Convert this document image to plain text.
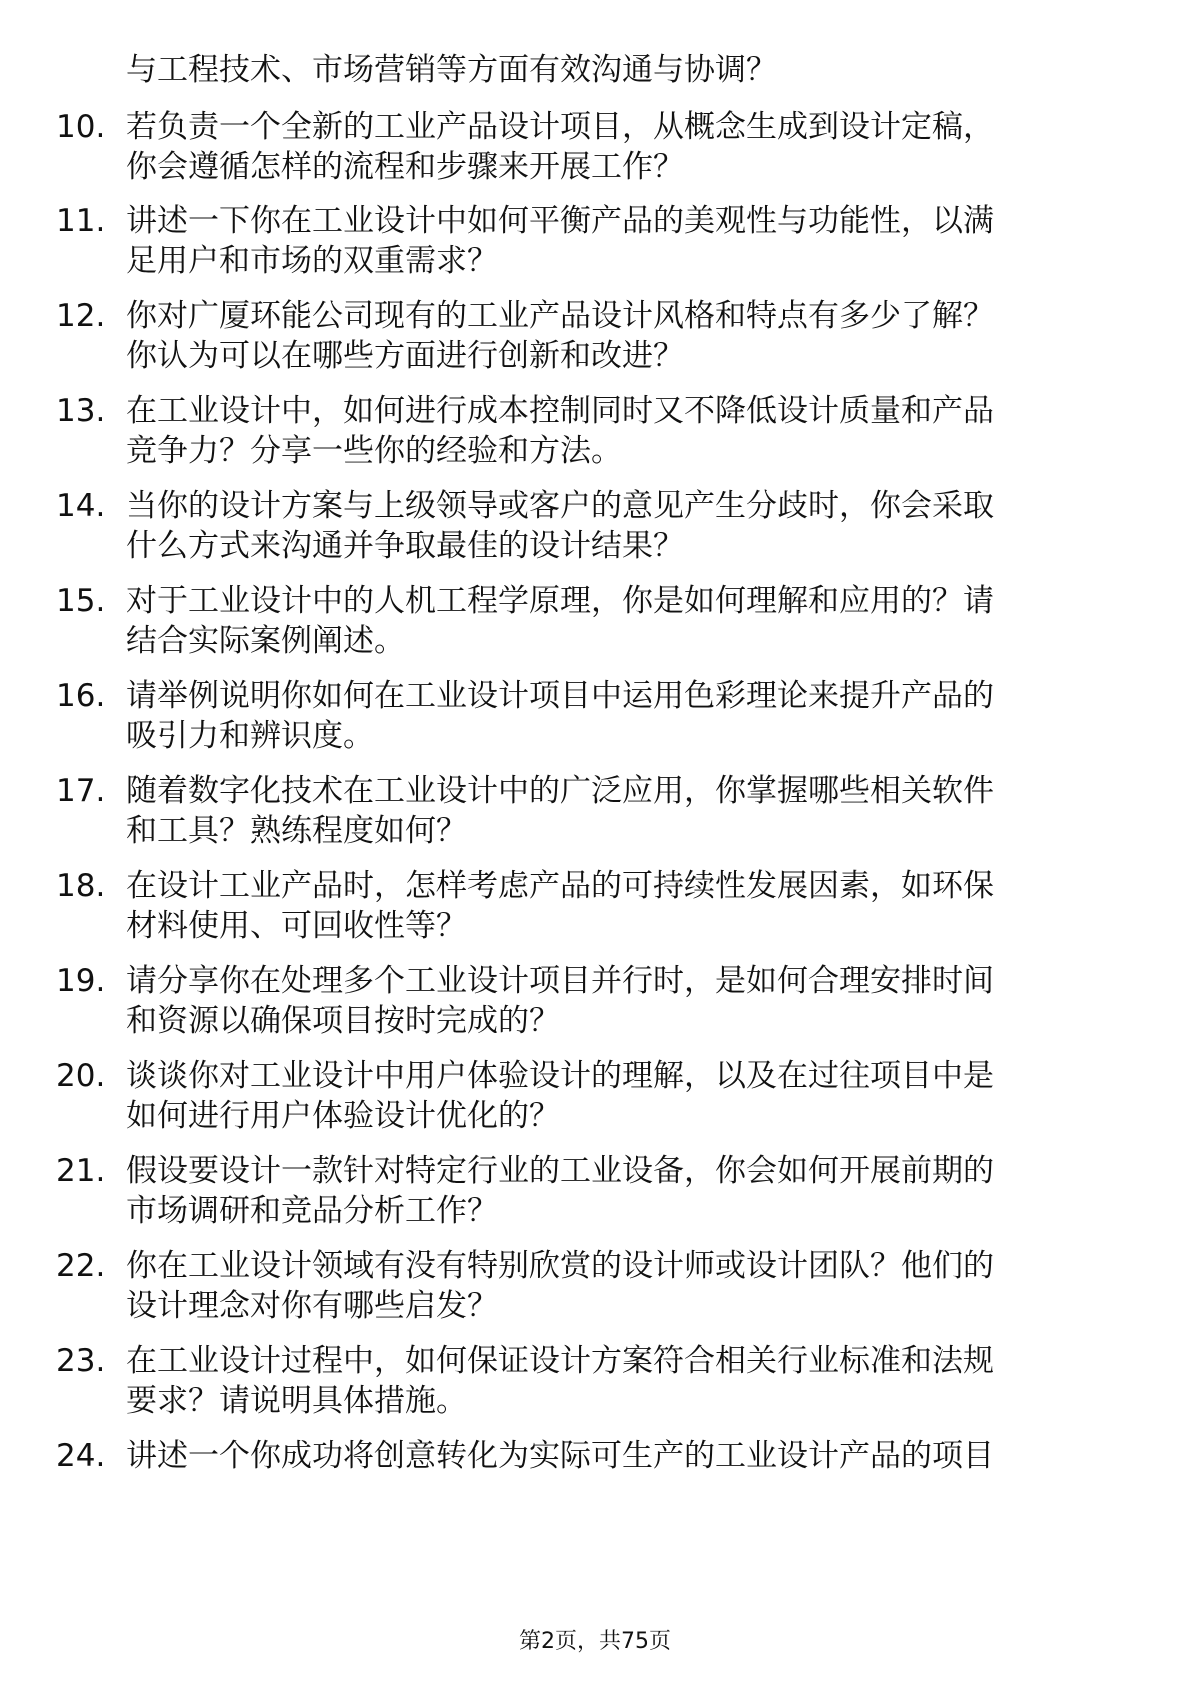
与工程技术、市场营销等方面有效沟通与协调？
10. 若负责一个全新的工业产品设计项目，从概念生成到设计定稿，
你会遵循怎样的流程和步骤来开展工作？
11. 讲述一下你在工业设计中如何平衡产品的美观性与功能性，以满
足用户和市场的双重需求？
12. 你对广厦环能公司现有的工业产品设计风格和特点有多少了解？
你认为可以在哪些方面进行创新和改进？
13. 在工业设计中，如何进行成本控制同时又不降低设计质量和产品
竞争力？分享一些你的经验和方法。
14. 当你的设计方案与上级领导或客户的意见产生分歧时，你会采取
什么方式来沟通并争取最佳的设计结果？
15. 对于工业设计中的人机工程学原理，你是如何理解和应用的？请
结合实际案例阐述。
16. 请举例说明你如何在工业设计项目中运用色彩理论来提升产品的
吸引力和辨识度。
17. 随着数字化技术在工业设计中的广泛应用，你掌握哪些相关软件
和工具？熟练程度如何？
18. 在设计工业产品时，怎样考虑产品的可持续性发展因素，如环保
材料使用、可回收性等？
19. 请分享你在处理多个工业设计项目并行时，是如何合理安排时间
和资源以确保项目按时完成的？
20. 谈谈你对工业设计中用户体验设计的理解，以及在过往项目中是
如何进行用户体验设计优化的？
21. 假设要设计一款针对特定行业的工业设备，你会如何开展前期的
市场调研和竞品分析工作？
22. 你在工业设计领域有没有特别欣赏的设计师或设计团队？他们的
设计理念对你有哪些启发？
23. 在工业设计过程中，如何保证设计方案符合相关行业标准和法规
要求？请说明具体措施。
24. 讲述一个你成功将创意转化为实际可生产的工业设计产品的项目
第2页，共75页
